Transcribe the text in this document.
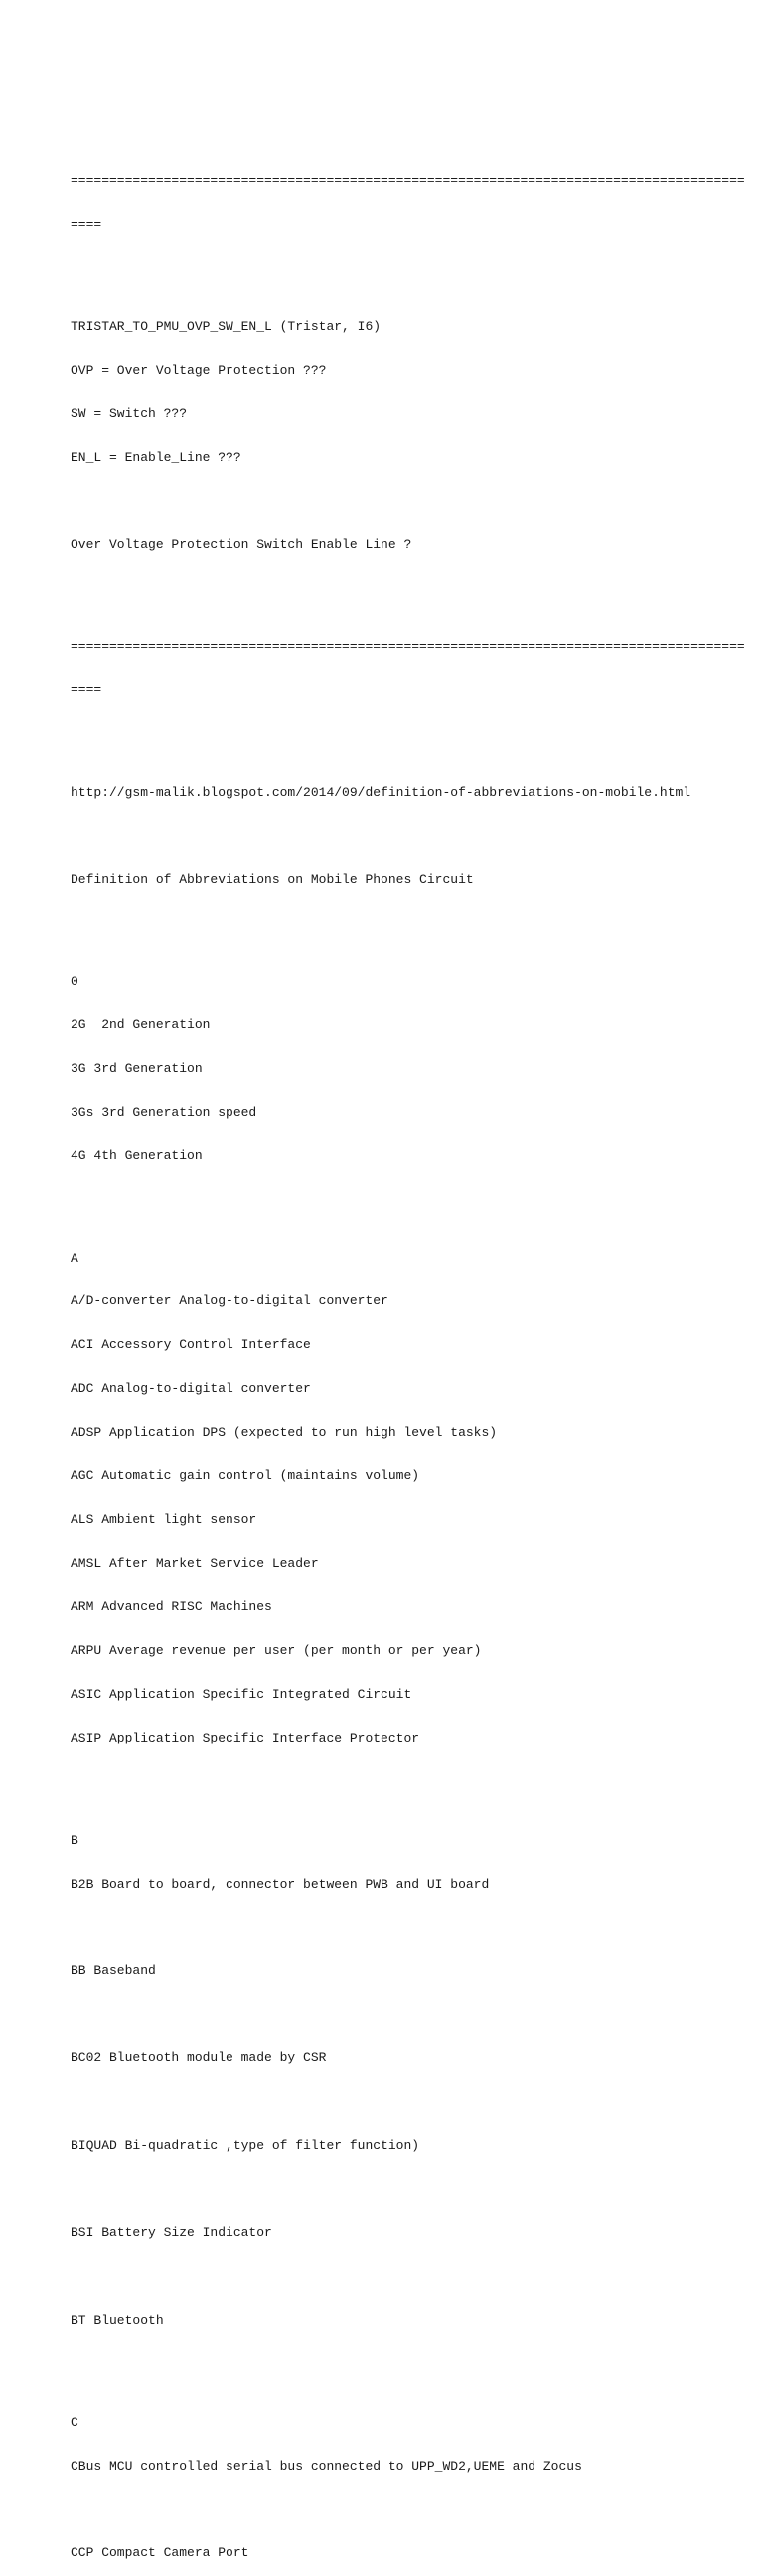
=======================================================================================

====

TRISTAR_TO_PMU_OVP_SW_EN_L (Tristar, I6)

OVP = Over Voltage Protection ???

SW = Switch ???

EN_L = Enable_Line ???

Over Voltage Protection Switch Enable Line ?

=======================================================================================

====

http://gsm-malik.blogspot.com/2014/09/definition-of-abbreviations-on-mobile.html

Definition of Abbreviations on Mobile Phones Circuit

0

2G  2nd Generation

3G 3rd Generation

3Gs 3rd Generation speed

4G 4th Generation

A

A/D-converter Analog-to-digital converter

ACI Accessory Control Interface

ADC Analog-to-digital converter

ADSP Application DPS (expected to run high level tasks)

AGC Automatic gain control (maintains volume)

ALS Ambient light sensor

AMSL After Market Service Leader

ARM Advanced RISC Machines

ARPU Average revenue per user (per month or per year)

ASIC Application Specific Integrated Circuit

ASIP Application Specific Interface Protector

B

B2B Board to board, connector between PWB and UI board

BB Baseband

BC02 Bluetooth module made by CSR

BIQUAD Bi-quadratic ,type of filter function)

BSI Battery Size Indicator

BT Bluetooth

C

CBus MCU controlled serial bus connected to UPP_WD2,UEME and Zocus

CCP Compact Camera Port
